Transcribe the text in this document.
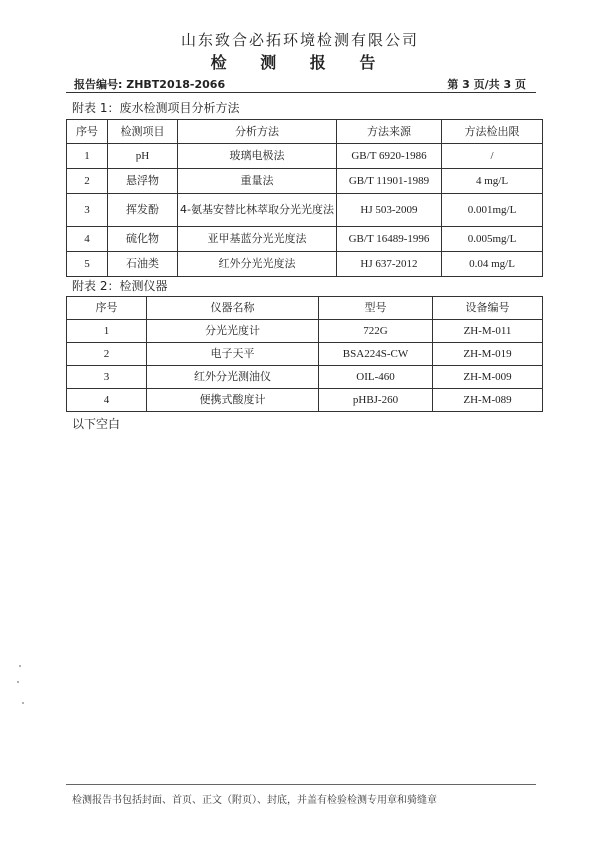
山东致合必拓环境检测有限公司
检 测 报 告
报告编号: ZHBT2018-2066	第 3 页/共 3 页
附表 1：废水检测项目分析方法
序号	检测项目	分析方法	方法来源	方法检出限
1	pH	玻璃电极法	GB/T 6920-1986	/
2	悬浮物	重量法	GB/T 11901-1989	4 mg/L
3	挥发酚	4-氨基安替比林萃取分光光度法	HJ 503-2009	0.001mg/L
4	硫化物	亚甲基蓝分光光度法	GB/T 16489-1996	0.005mg/L
5	石油类	红外分光光度法	HJ 637-2012	0.04 mg/L
附表 2：检测仪器
序号	仪器名称	型号	设备编号
1	分光光度计	722G	ZH-M-011
2	电子天平	BSA224S-CW	ZH-M-019
3	红外分光测油仪	OIL-460	ZH-M-009
4	便携式酸度计	pHBJ-260	ZH-M-089
以下空白
检测报告书包括封面、首页、正文（附页）、封底，并盖有检验检测专用章和骑缝章
